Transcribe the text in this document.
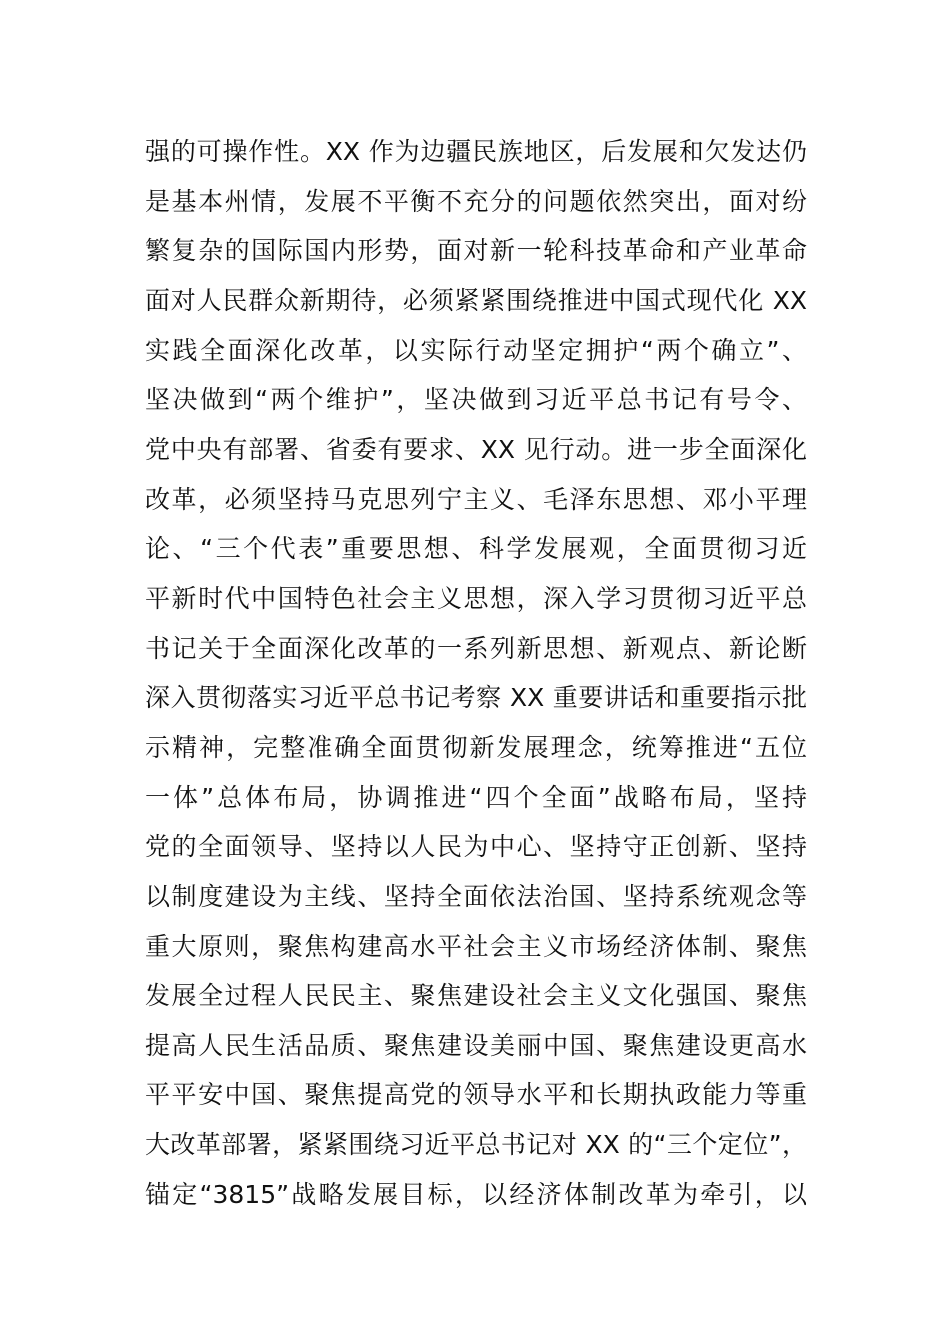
强的可操作性。XX 作为边疆民族地区，后发展和欠发达仍
是基本州情，发展不平衡不充分的问题依然突出，面对纷
繁复杂的国际国内形势，面对新一轮科技革命和产业革命
面对人民群众新期待，必须紧紧围绕推进中国式现代化 XX
实践全面深化改革，以实际行动坚定拥护“两个确立”、
坚决做到“两个维护”，坚决做到习近平总书记有号令、
党中央有部署、省委有要求、XX 见行动。进一步全面深化
改革，必须坚持马克思列宁主义、毛泽东思想、邓小平理
论、“三个代表”重要思想、科学发展观，全面贯彻习近
平新时代中国特色社会主义思想，深入学习贯彻习近平总
书记关于全面深化改革的一系列新思想、新观点、新论断
深入贯彻落实习近平总书记考察 XX 重要讲话和重要指示批
示精神，完整准确全面贯彻新发展理念，统筹推进“五位
一体”总体布局，协调推进“四个全面”战略布局，坚持
党的全面领导、坚持以人民为中心、坚持守正创新、坚持
以制度建设为主线、坚持全面依法治国、坚持系统观念等
重大原则，聚焦构建高水平社会主义市场经济体制、聚焦
发展全过程人民民主、聚焦建设社会主义文化强国、聚焦
提高人民生活品质、聚焦建设美丽中国、聚焦建设更高水
平平安中国、聚焦提高党的领导水平和长期执政能力等重
大改革部署，紧紧围绕习近平总书记对 XX 的“三个定位”，
锚定“3815”战略发展目标，以经济体制改革为牵引，以
